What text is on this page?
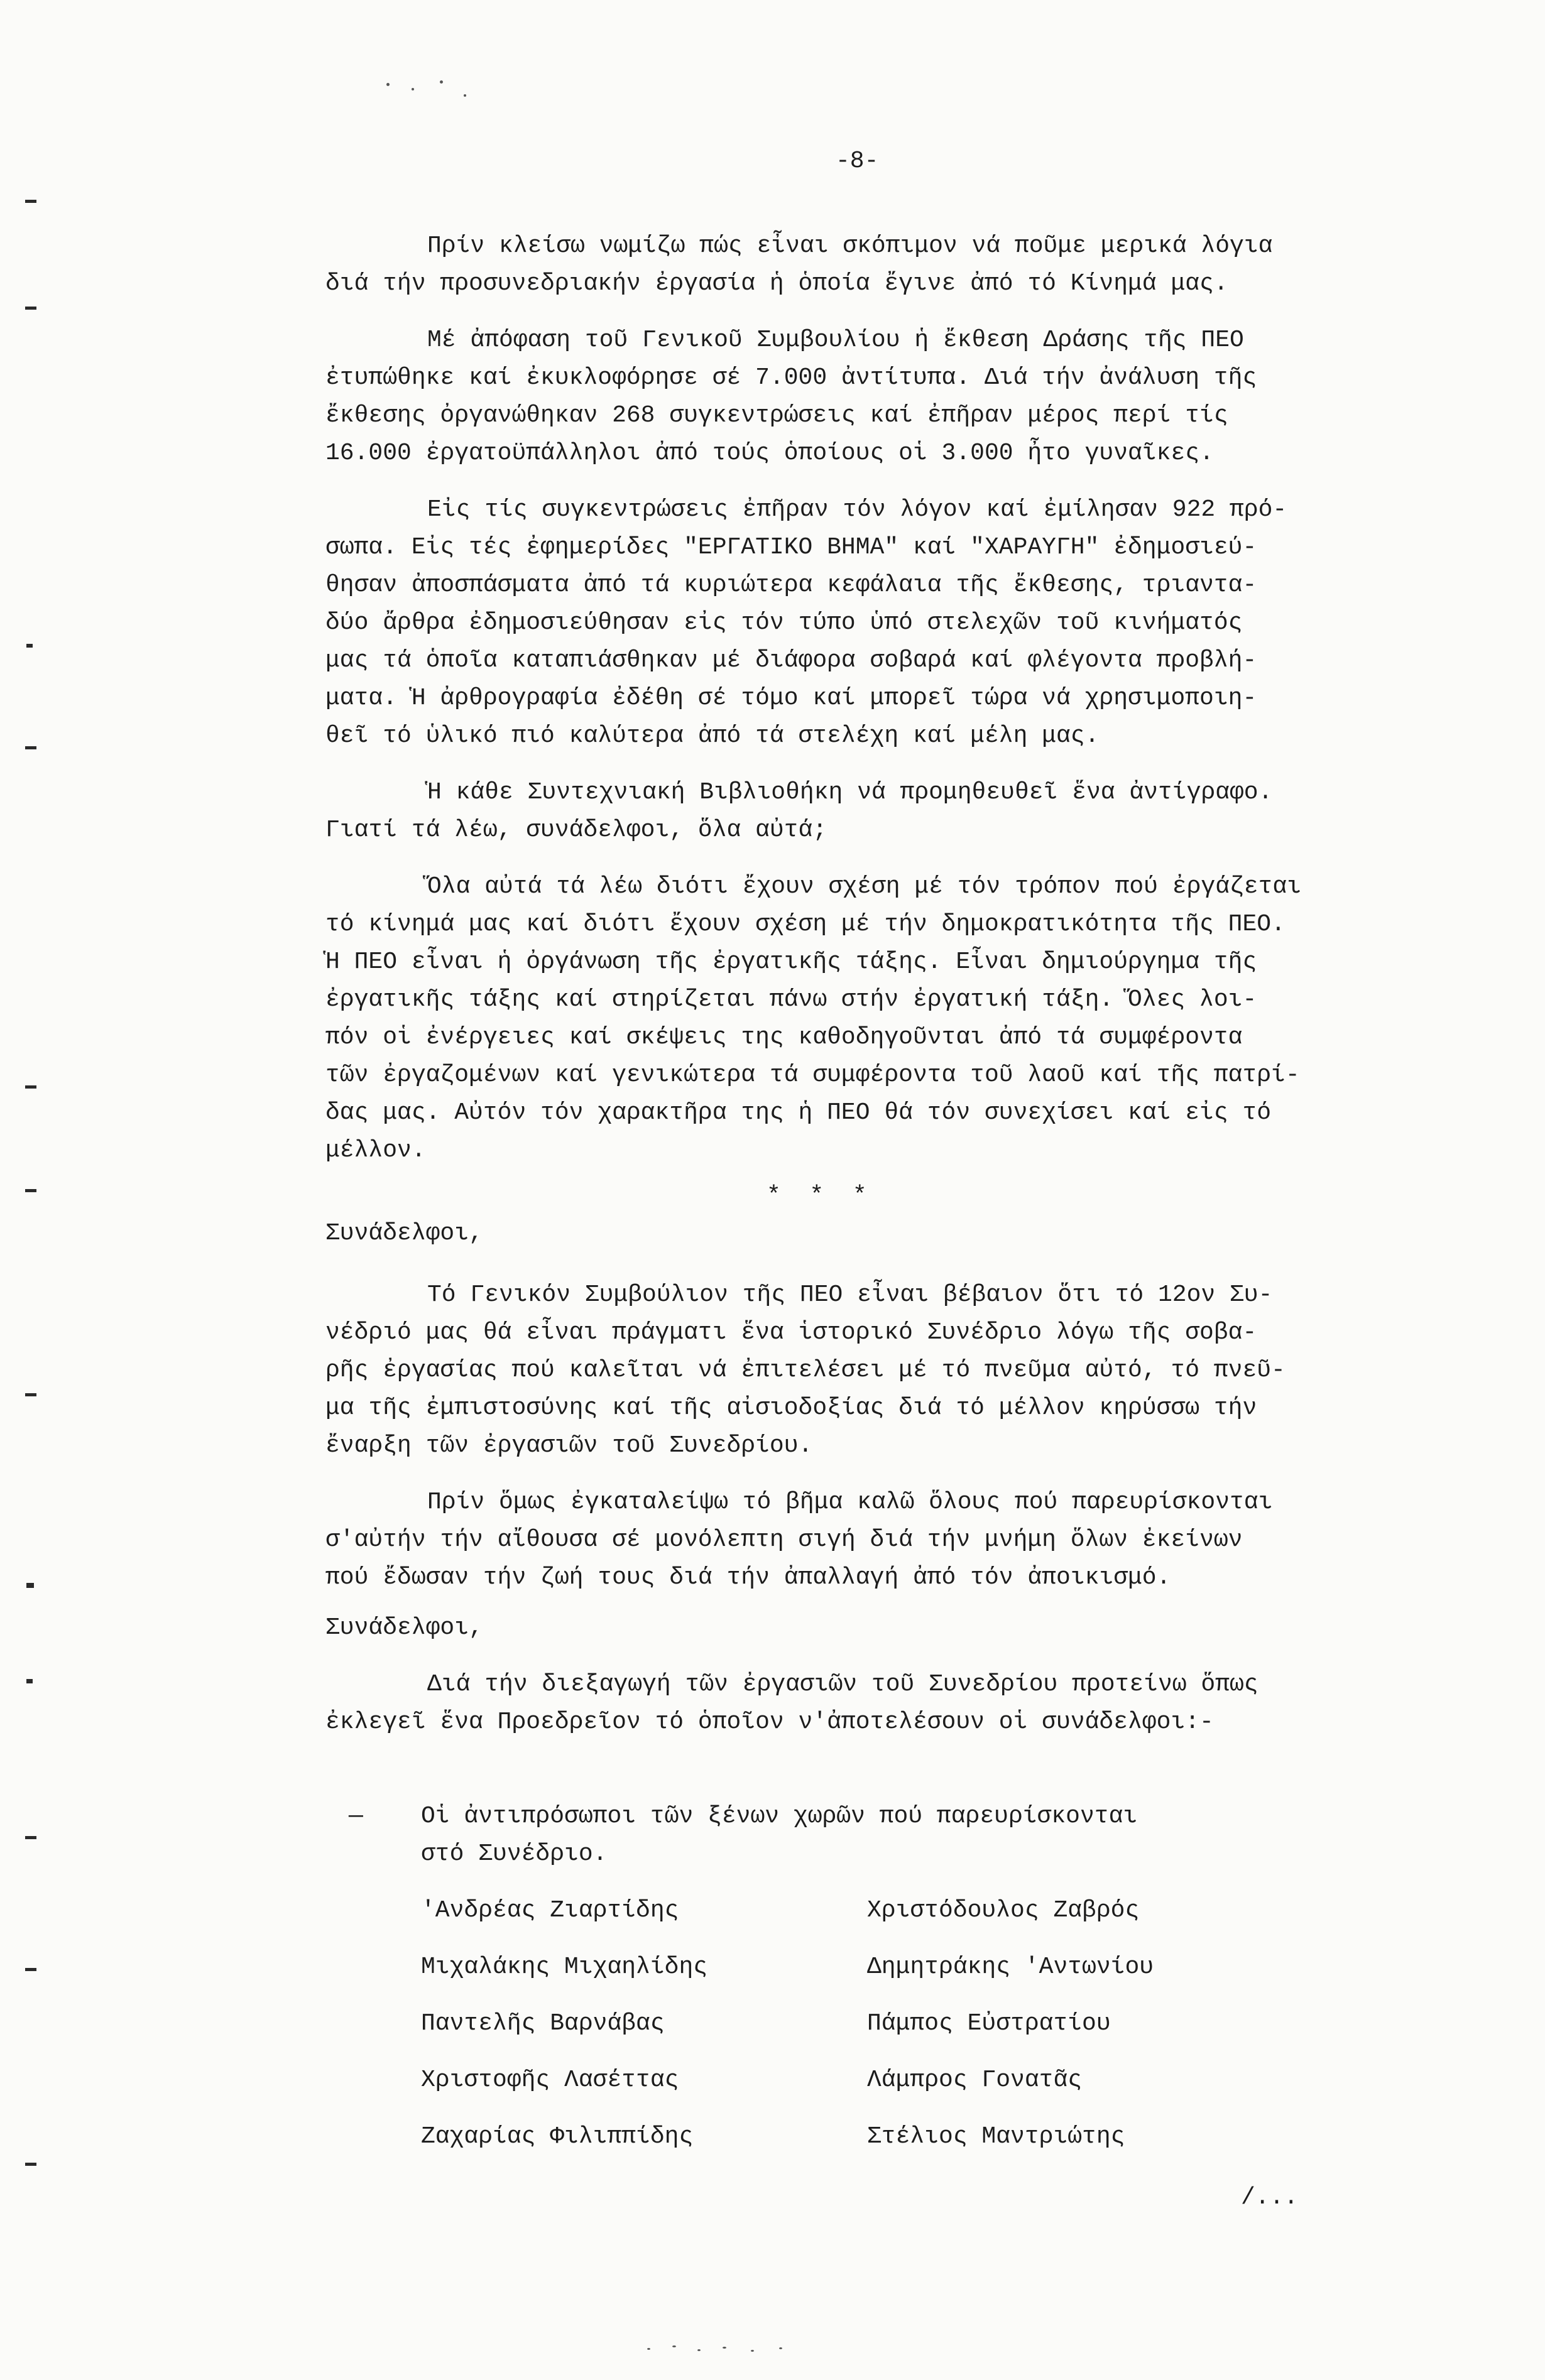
-8-
Πρίν κλείσω νωμίζω πώς εἶναι σκόπιμον νά ποῦμε μερικά λόγια
διά τήν προσυνεδριακήν ἐργασία ἡ ὁποία ἔγινε ἀπό τό Κίνημά μας.
Μέ ἀπόφαση τοῦ Γενικοῦ Συμβουλίου ἡ ἔκθεση Δράσης τῆς ΠΕΟ
ἐτυπώθηκε καί ἐκυκλοφόρησε σέ 7.000 ἀντίτυπα. Διά τήν ἀνάλυση τῆς
ἔκθεσης ὀργανώθηκαν 268 συγκεντρώσεις καί ἐπῆραν μέρος περί τίς
16.000 ἐργατοϋπάλληλοι ἀπό τούς ὁποίους οἱ 3.000 ἦτο γυναῖκες.
Εἰς τίς συγκεντρώσεις ἐπῆραν τόν λόγον καί ἐμίλησαν 922 πρό-
σωπα. Εἰς τές ἐφημερίδες "ΕΡΓΑΤΙΚΟ ΒΗΜΑ" καί "ΧΑΡΑΥΓΗ" ἐδημοσιεύ-
θησαν ἀποσπάσματα ἀπό τά κυριώτερα κεφάλαια τῆς ἔκθεσης, τριαντα-
δύο ἄρθρα ἐδημοσιεύθησαν εἰς τόν τύπο ὑπό στελεχῶν τοῦ κινήματός
μας τά ὁποῖα καταπιάσθηκαν μέ διάφορα σοβαρά καί φλέγοντα προβλή-
ματα. Ἡ ἀρθρογραφία ἐδέθη σέ τόμο καί μπορεῖ τώρα νά χρησιμοποιη-
θεῖ τό ὑλικό πιό καλύτερα ἀπό τά στελέχη καί μέλη μας.
Ἡ κάθε Συντεχνιακή Βιβλιοθήκη νά προμηθευθεῖ ἕνα ἀντίγραφο.
Γιατί τά λέω, συνάδελφοι, ὅλα αὐτά;
Ὅλα αὐτά τά λέω διότι ἔχουν σχέση μέ τόν τρόπον πού ἐργάζεται
τό κίνημά μας καί διότι ἔχουν σχέση μέ τήν δημοκρατικότητα τῆς ΠΕΟ.
Ἡ ΠΕΟ εἶναι ἡ ὀργάνωση τῆς ἐργατικῆς τάξης. Εἶναι δημιούργημα τῆς
ἐργατικῆς τάξης καί στηρίζεται πάνω στήν ἐργατική τάξη. Ὅλες λοι-
πόν οἱ ἐνέργειες καί σκέψεις της καθοδηγοῦνται ἀπό τά συμφέροντα
τῶν ἐργαζομένων καί γενικώτερα τά συμφέροντα τοῦ λαοῦ καί τῆς πατρί-
δας μας. Αὐτόν τόν χαρακτῆρα της ἡ ΠΕΟ θά τόν συνεχίσει καί εἰς τό
μέλλον.
*  *  *
Συνάδελφοι,
Τό Γενικόν Συμβούλιον τῆς ΠΕΟ εἶναι βέβαιον ὅτι τό 12ον Συ-
νέδριό μας θά εἶναι πράγματι ἕνα ἱστορικό Συνέδριο λόγω τῆς σοβα-
ρῆς ἐργασίας πού καλεῖται νά ἐπιτελέσει μέ τό πνεῦμα αὐτό, τό πνεῦ-
μα τῆς ἐμπιστοσύνης καί τῆς αἰσιοδοξίας διά τό μέλλον κηρύσσω τήν
ἔναρξη τῶν ἐργασιῶν τοῦ Συνεδρίου.
Πρίν ὅμως ἐγκαταλείψω τό βῆμα καλῶ ὅλους πού παρευρίσκονται
σ'αὐτήν τήν αἴθουσα σέ μονόλεπτη σιγή διά τήν μνήμη ὅλων ἐκείνων
πού ἔδωσαν τήν ζωή τους διά τήν ἀπαλλαγή ἀπό τόν ἀποικισμό.
Συνάδελφοι,
Διά τήν διεξαγωγή τῶν ἐργασιῶν τοῦ Συνεδρίου προτείνω ὅπως
ἐκλεγεῖ ἕνα Προεδρεῖον τό ὁποῖον ν'ἀποτελέσουν οἱ συνάδελφοι:-
— Οἱ ἀντιπρόσωποι τῶν ξένων χωρῶν πού παρευρίσκονται
στό Συνέδριο.
'Ανδρέας Ζιαρτίδης
Μιχαλάκης Μιχαηλίδης
Παντελῆς Βαρνάβας
Χριστοφῆς Λασέττας
Ζαχαρίας Φιλιππίδης
Χριστόδουλος Ζαβρός
Δημητράκης 'Αντωνίου
Πάμπος Εὐστρατίου
Λάμπρος Γονατᾶς
Στέλιος Μαντριώτης
/...
